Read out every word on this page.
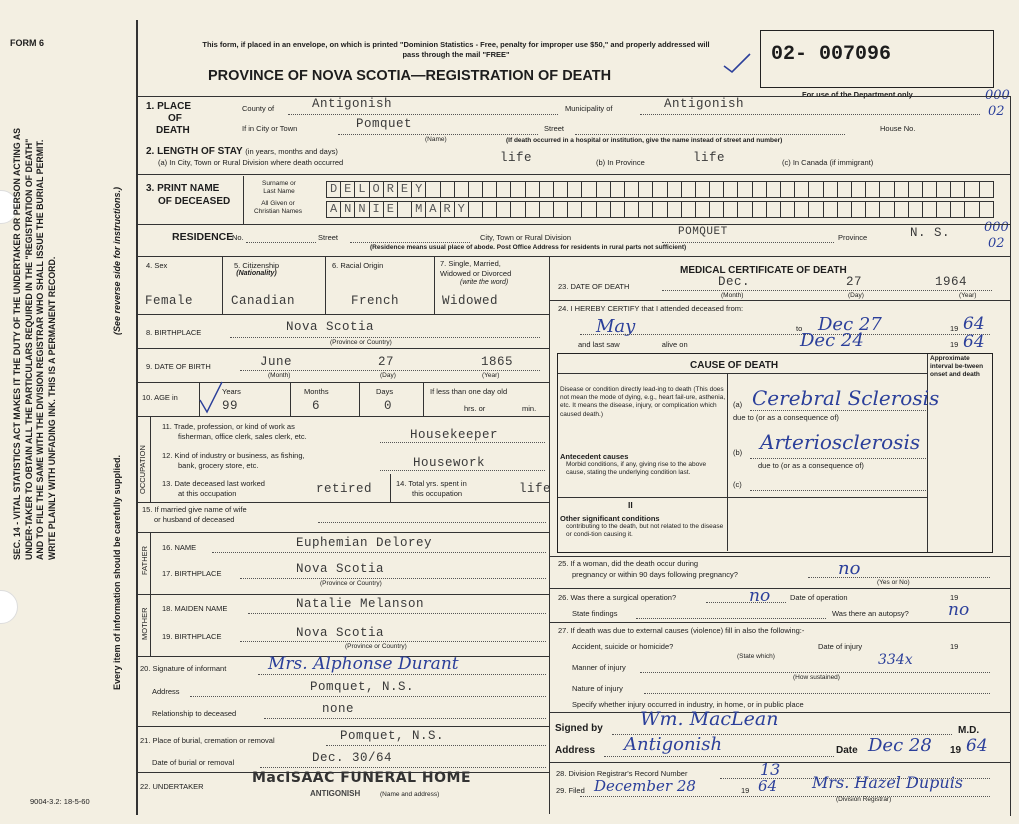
FORM 6
9004-3.2: 18-5-60
SEC. 14 - VITAL STATISTICS ACT MAKES IT THE DUTY OF THE UNDERTAKER OR PERSON ACTING AS UNDER-TAKER TO OBTAIN ALL THE PARTICULARS REQUIRED IN THE "REGISTRATION OF DEATH" AND TO FILE THE SAME WITH THE DIVISION REGISTRAR WHO SHALL ISSUE THE BURIAL PERMIT. WRITE PLAINLY WITH UNFADING INK. THIS IS A PERMANENT RECORD.
Every item of information should be carefully supplied.
(See reverse side for instructions.)
This form, if placed in an envelope, on which is printed "Dominion Statistics - Free, penalty for improper use $50," and properly addressed will pass through the mail "FREE"
PROVINCE OF NOVA SCOTIA—REGISTRATION OF DEATH
02- 007096
For use of the Department only	000
02
1. PLACE
OF
DEATH
County of	Antigonish	Municipality of	Antigonish
If in City or Town	Pomquet
(Name)
Street	House No.
(If death occurred in a hospital or institution, give the name instead of street and number)
000
02
2. LENGTH OF STAY (in years, months and days)
(a) In City, Town or Rural Division where death occurred	life	(b) In Province	life	(c) In Canada (if immigrant)
3. PRINT NAME
OF DECEASED
Surname or
Last Name
All Given or
Christian Names
D E L O R E Y
A N N I E	M A R Y
RESIDENCE
No.	Street	City, Town or Rural Division	POMQUET	Province	N. S.
(Residence means usual place of abode. Post Office Address for residents in rural parts not sufficient)
4. Sex
Female
5. Citizenship
(Nationality)
Canadian
6. Racial Origin
French
7. Single, Married,
Widowed or Divorced
(write the word)
Widowed
8. BIRTHPLACE	Nova Scotia
(Province or Country)
9. DATE OF BIRTH	June	27	1865
(Month)	(Day)	(Year)
10. AGE in
Years
99
Months
6
Days
0
If less than one day old
hrs. or	min.
OCCUPATION
11. Trade, profession, or kind of work as
fisherman, office clerk, sales clerk, etc.	Housekeeper
12. Kind of industry or business, as fishing,
bank, grocery store, etc.	Housework
13. Date deceased last worked
at this occupation	retired	14. Total yrs. spent in
this occupation	life
15. If married give name of wife
or husband of deceased
FATHER 16. NAME	Euphemian Delorey
17. BIRTHPLACE	Nova Scotia
(Province or Country)
MOTHER 18. MAIDEN NAME	Natalie Melanson
19. BIRTHPLACE	Nova Scotia
(Province or Country)
20. Signature of informant Mrs. Alphonse Durant
Address	Pomquet, N.S.
Relationship to deceased	none
21. Place of burial, cremation or removal	Pomquet, N.S.
Date of burial or removal	Dec. 30/64
22. UNDERTAKER
MacISAAC FUNERAL HOME
ANTIGONISH	(Name and address)
MEDICAL CERTIFICATE OF DEATH
23. DATE OF DEATH	Dec.	27	1964
(Month)	(Day)	(Year)
24. I HEREBY CERTIFY that I attended deceased from:
May	to Dec 27	19 64
and last saw	alive on	Dec 24	19 64
CAUSE OF DEATH
Approximate interval be-tween onset and death
Disease or condition directly lead-ing to death (This does not mean the mode of dying, e.g., heart fail-ure, asthenia, etc. It means the disease, injury, or complication which caused death.)
(a) Cerebral Sclerosis
due to (or as a consequence of)
Antecedent causes
Morbid conditions, if any, giving rise to the above cause, stating the underlying condition last.
Arteriosclerosis
(b)
due to (or as a consequence of)
(c)
II
Other significant conditions
contributing to the death, but not related to the disease or condi-tion causing it.
25. If a woman, did the death occur during
pregnancy or within 90 days following pregnancy?	no
(Yes or No)
26. Was there a surgical operation?	no	Date of operation	19
State findings	Was there an autopsy? no
27. If death was due to external causes (violence) fill in also the following:-
Accident, suicide or homicide?
(State which)
Date of injury	19
Manner of injury	334x
(How sustained)
Nature of injury
Specify whether injury occurred in industry, in home, or in public place
Signed by Wm. MacLean
M.D.
Address Antigonish	Date Dec 28 19 64
28. Division Registrar's Record Number	13
29. Filed December 28	19 64 Mrs. Hazel Dupuis
(Division Registrar)
